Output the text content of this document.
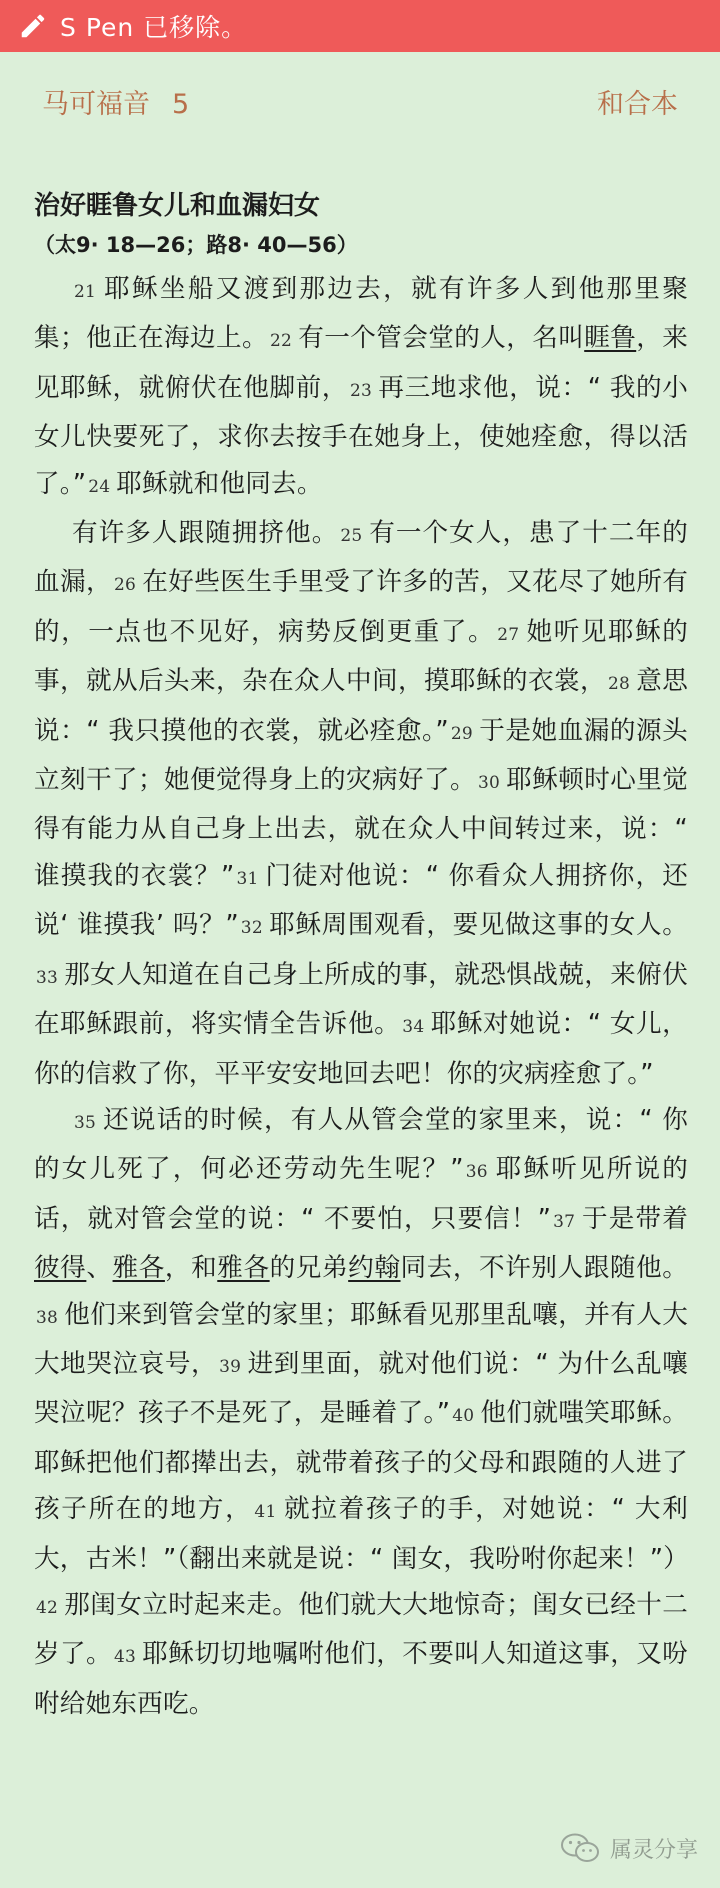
S Pen 已移除。
马可福音 5	和合本

治好睚鲁女儿和血漏妇女

（太9· 18—26；路8· 40—56）

21 耶稣坐船又渡到那边去，就有许多人到他那里聚集；他正在海边上。 22 有一个管会堂的人，名叫睚鲁，来见耶稣，就俯伏在他脚前， 23 再三地求他，说：“ 我的小女儿快要死了，求你去按手在她身上，使她痊愈，得以活了。” 24 耶稣就和他同去。

有许多人跟随拥挤他。 25 有一个女人，患了十二年的血漏， 26 在好些医生手里受了许多的苦，又花尽了她所有的，一点也不见好，病势反倒更重了。 27 她听见耶稣的事，就从后头来，杂在众人中间，摸耶稣的衣裳， 28 意思说：“ 我只摸他的衣裳，就必痊愈。” 29 于是她血漏的源头立刻干了；她便觉得身上的灾病好了。 30 耶稣顿时心里觉得有能力从自己身上出去，就在众人中间转过来，说：“ 谁摸我的衣裳？” 31 门徒对他说：“ 你看众人拥挤你，还说‘ 谁摸我’ 吗？” 32 耶稣周围观看，要见做这事的女人。33 那女人知道在自己身上所成的事，就恐惧战兢，来俯伏在耶稣跟前，将实情全告诉他。 34 耶稣对她说：“ 女儿，你的信救了你，平平安安地回去吧！你的灾病痊愈了。”

35 还说话的时候，有人从管会堂的家里来，说：“ 你的女儿死了，何必还劳动先生呢？” 36 耶稣听见所说的话，就对管会堂的说：“ 不要怕，只要信！” 37 于是带着彼得、雅各，和雅各的兄弟约翰同去，不许别人跟随他。38 他们来到管会堂的家里；耶稣看见那里乱嚷，并有人大大地哭泣哀号， 39 进到里面，就对他们说：“ 为什么乱嚷哭泣呢？孩子不是死了，是睡着了。” 40 他们就嗤笑耶稣。耶稣把他们都撵出去，就带着孩子的父母和跟随的人进了孩子所在的地方， 41 就拉着孩子的手，对她说：“ 大利大，古米！”（翻出来就是说：“ 闺女，我吩咐你起来！”）42 那闺女立时起来走。他们就大大地惊奇；闺女已经十二岁了。 43 耶稣切切地嘱咐他们，不要叫人知道这事，又吩咐给她东西吃。

属灵分享
